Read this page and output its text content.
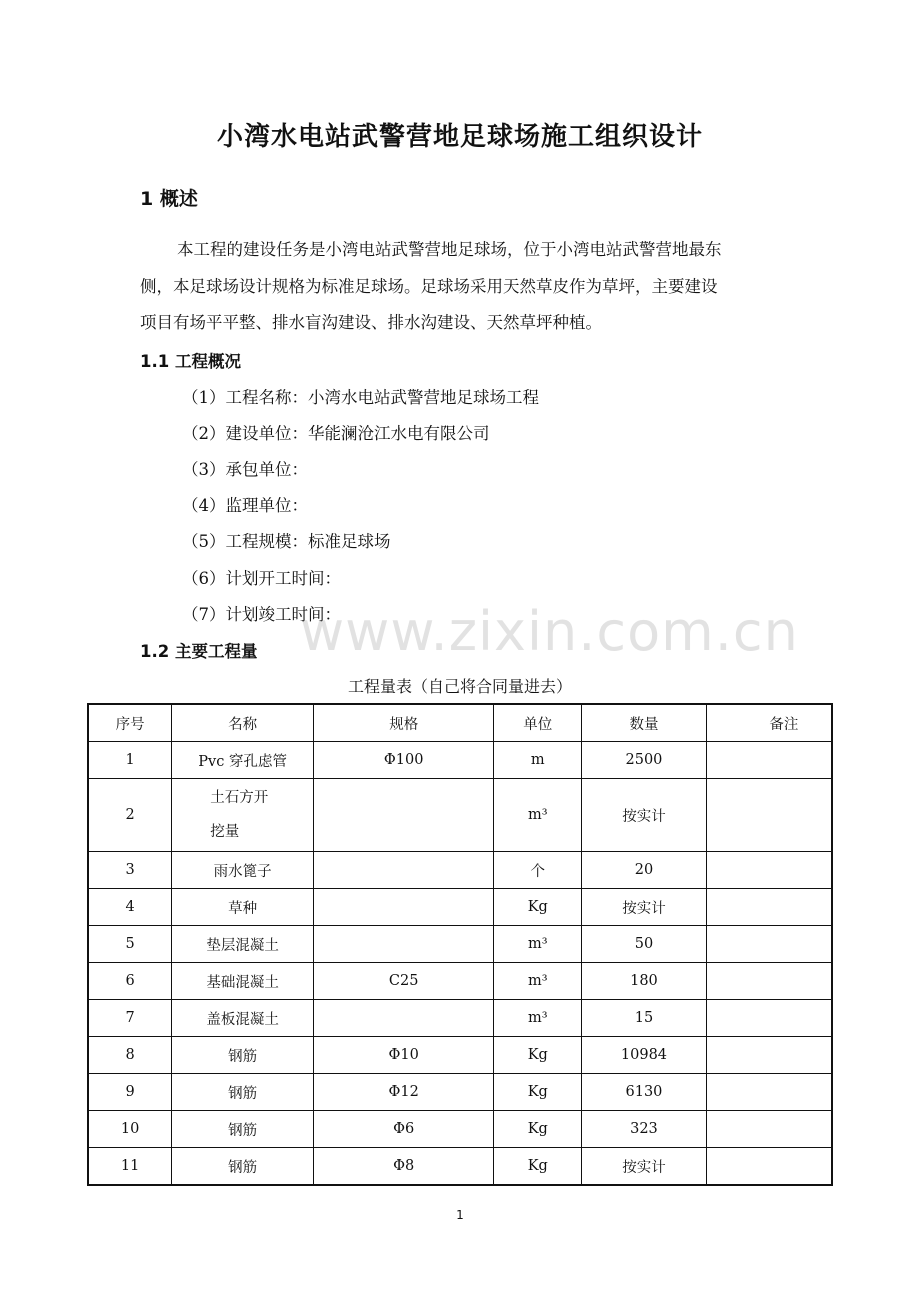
小湾水电站武警营地足球场施工组织设计
1 概述
本工程的建设任务是小湾电站武警营地足球场，位于小湾电站武警营地最东
侧，本足球场设计规格为标准足球场。足球场采用天然草皮作为草坪，主要建设
项目有场平平整、排水盲沟建设、排水沟建设、天然草坪种植。
1.1 工程概况
（1）工程名称：小湾水电站武警营地足球场工程
（2）建设单位：华能澜沧江水电有限公司
（3）承包单位：
（4）监理单位：
（5）工程规模：标准足球场
（6）计划开工时间：
（7）计划竣工时间：
www.zixin.com.cn
1.2 主要工程量
工程量表（自己将合同量进去）
序号	名称	规格	单位	数量	备注
1	Pvc 穿孔虑管	Φ100	m	2500	
2	土石方开挖量		m³	按实计	
3	雨水篦子		个	20	
4	草种		Kg	按实计	
5	垫层混凝土		m³	50	
6	基础混凝土	C25	m³	180	
7	盖板混凝土		m³	15	
8	钢筋	Φ10	Kg	10984	
9	钢筋	Φ12	Kg	6130	
10	钢筋	Φ6	Kg	323	
11	钢筋	Φ8	Kg	按实计	
1
